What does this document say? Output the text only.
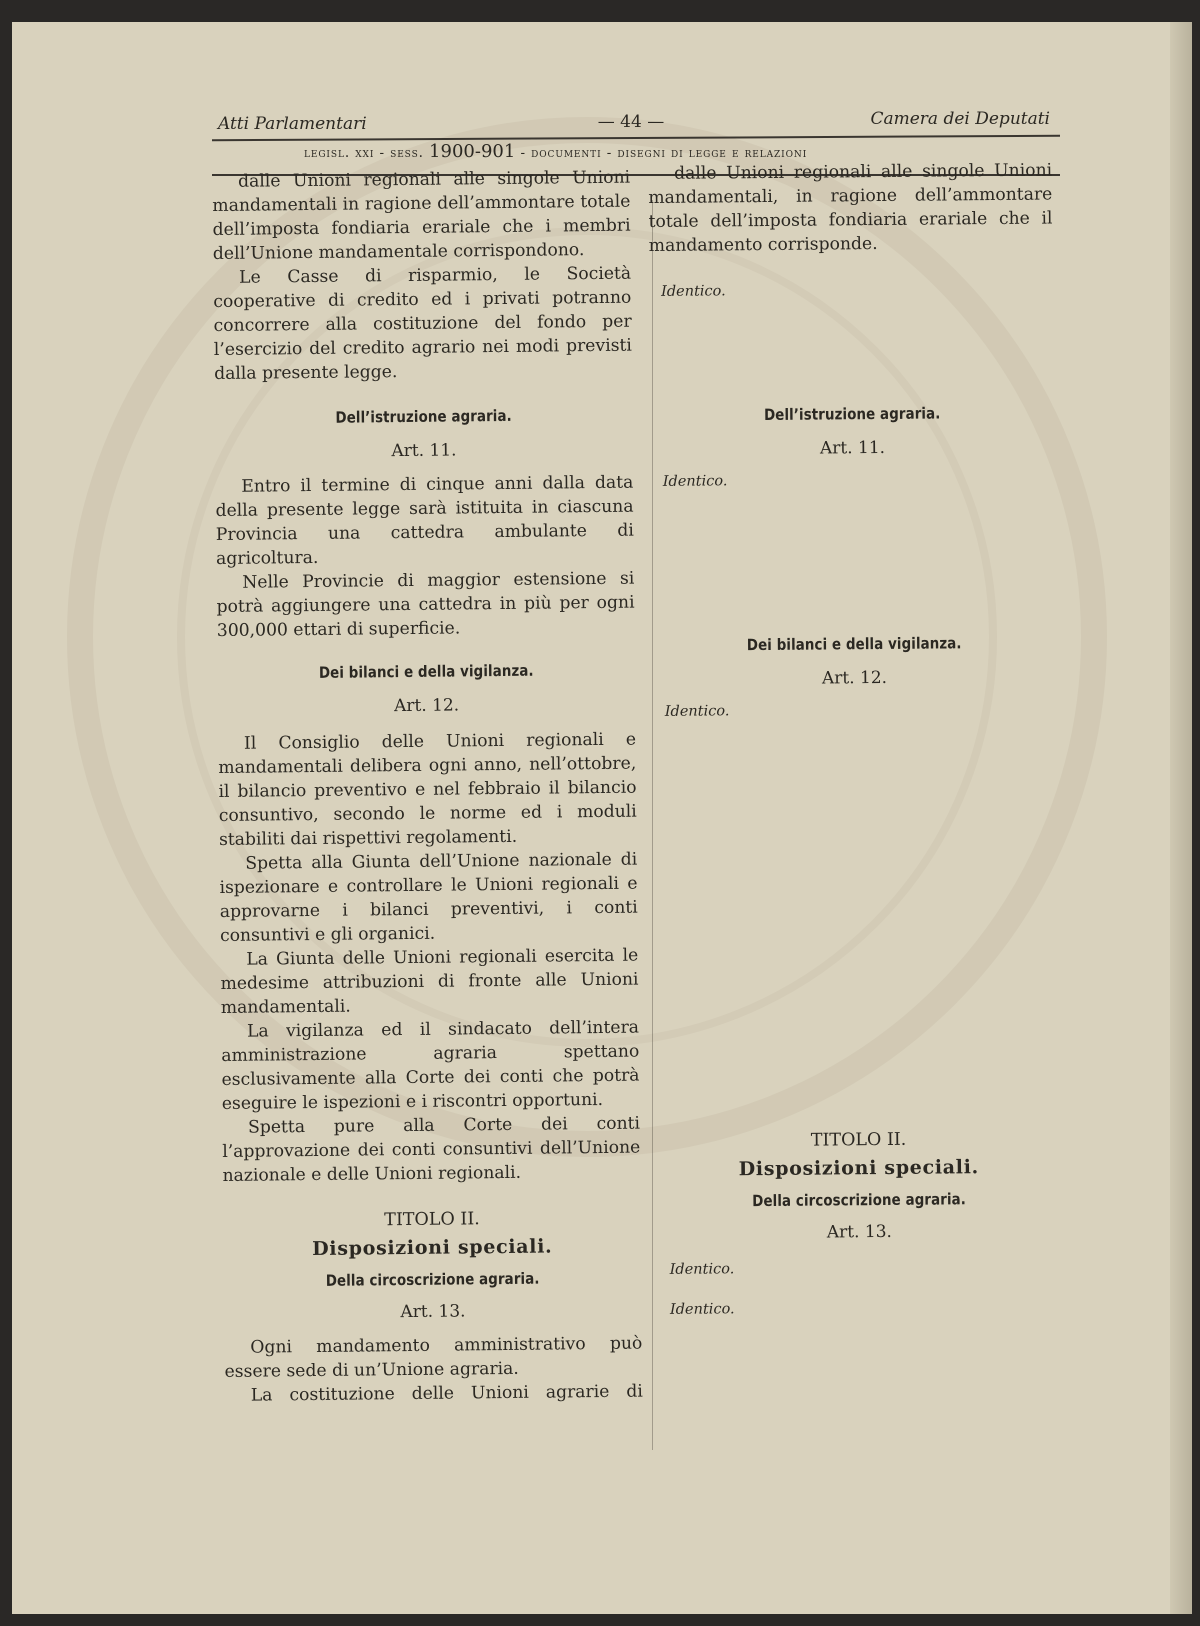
Atti Parlamentari	— 44 —	Camera dei Deputati
legisl. xxi - sess. 1900-901 - documenti - disegni di legge e relazioni

dalle Unioni regionali alle singole Unioni mandamentali in ragione dell’ammontare totale dell’imposta fondiaria erariale che i membri dell’Unione mandamentale corrispondono.

Le Casse di risparmio, le Società cooperative di credito ed i privati potranno concorrere alla costituzione del fondo per l’esercizio del credito agrario nei modi previsti dalla presente legge.

Dell’istruzione agraria.
Art. 11.

Entro il termine di cinque anni dalla data della presente legge sarà istituita in ciascuna Provincia una cattedra ambulante di agricoltura.

Nelle Provincie di maggior estensione si potrà aggiungere una cattedra in più per ogni 300,000 ettari di superficie.

Dei bilanci e della vigilanza.
Art. 12.

Il Consiglio delle Unioni regionali e mandamentali delibera ogni anno, nell’ottobre, il bilancio preventivo e nel febbraio il bilancio consuntivo, secondo le norme ed i moduli stabiliti dai rispettivi regolamenti.

Spetta alla Giunta dell’Unione nazionale di ispezionare e controllare le Unioni regionali e approvarne i bilanci preventivi, i conti consuntivi e gli organici.

La Giunta delle Unioni regionali esercita le medesime attribuzioni di fronte alle Unioni mandamentali.

La vigilanza ed il sindacato dell’intera amministrazione agraria spettano esclusivamente alla Corte dei conti che potrà eseguire le ispezioni e i riscontri opportuni.

Spetta pure alla Corte dei conti l’approvazione dei conti consuntivi dell’Unione nazionale e delle Unioni regionali.

TITOLO II.
Disposizioni speciali.
Della circoscrizione agraria.
Art. 13.

Ogni mandamento amministrativo può essere sede di un’Unione agraria.

La costituzione delle Unioni agrarie di

dalle Unioni regionali alle singole Unioni mandamentali, in ragione dell’ammontare totale dell’imposta fondiaria erariale che il mandamento corrisponde.

Identico.
Dell’istruzione agraria.
Art. 11.
Identico.
Dei bilanci e della vigilanza.
Art. 12.
Identico.
TITOLO II.
Disposizioni speciali.
Della circoscrizione agraria.
Art. 13.
Identico.
Identico.
